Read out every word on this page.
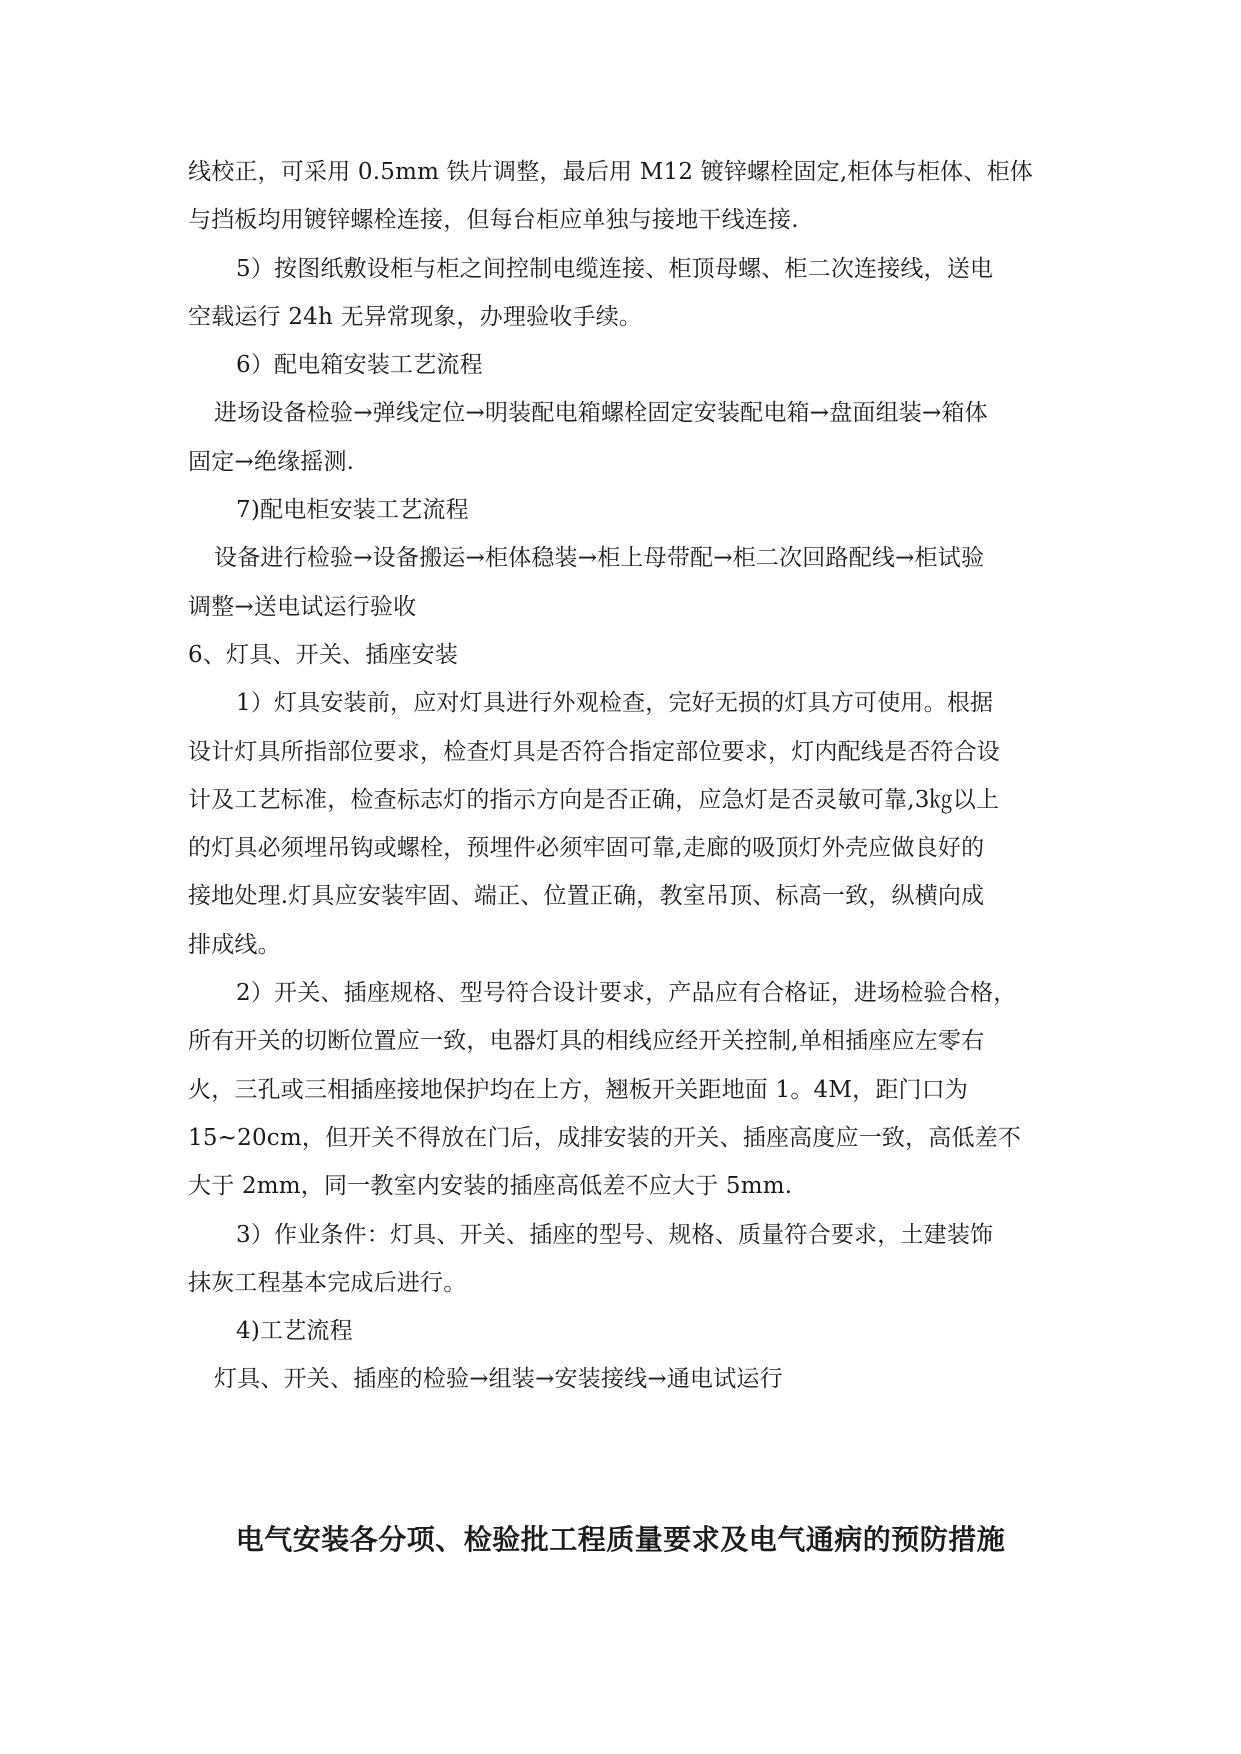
线校正，可采用 0.5mm 铁片调整，最后用 M12 镀锌螺栓固定,柜体与柜体、柜体
与挡板均用镀锌螺栓连接，但每台柜应单独与接地干线连接.
5）按图纸敷设柜与柜之间控制电缆连接、柜顶母螺、柜二次连接线，送电
空载运行 24h 无异常现象，办理验收手续。
6）配电箱安装工艺流程
进场设备检验→弹线定位→明装配电箱螺栓固定安装配电箱→盘面组装→箱体
固定→绝缘摇测.
7)配电柜安装工艺流程
设备进行检验→设备搬运→柜体稳装→柜上母带配→柜二次回路配线→柜试验
调整→送电试运行验收
6、灯具、开关、插座安装
1）灯具安装前，应对灯具进行外观检查，完好无损的灯具方可使用。根据
设计灯具所指部位要求，检查灯具是否符合指定部位要求，灯内配线是否符合设
计及工艺标准，检查标志灯的指示方向是否正确，应急灯是否灵敏可靠,3㎏以上
的灯具必须埋吊钩或螺栓，预埋件必须牢固可靠,走廊的吸顶灯外壳应做良好的
接地处理.灯具应安装牢固、端正、位置正确，教室吊顶、标高一致，纵横向成
排成线。
2）开关、插座规格、型号符合设计要求，产品应有合格证，进场检验合格，
所有开关的切断位置应一致，电器灯具的相线应经开关控制,单相插座应左零右
火，三孔或三相插座接地保护均在上方，翘板开关距地面 1。4M，距门口为
15~20cm，但开关不得放在门后，成排安装的开关、插座高度应一致，高低差不
大于 2mm，同一教室内安装的插座高低差不应大于 5mm.
3）作业条件：灯具、开关、插座的型号、规格、质量符合要求，土建装饰
抹灰工程基本完成后进行。
4)工艺流程
灯具、开关、插座的检验→组装→安装接线→通电试运行
电气安装各分项、检验批工程质量要求及电气通病的预防措施
